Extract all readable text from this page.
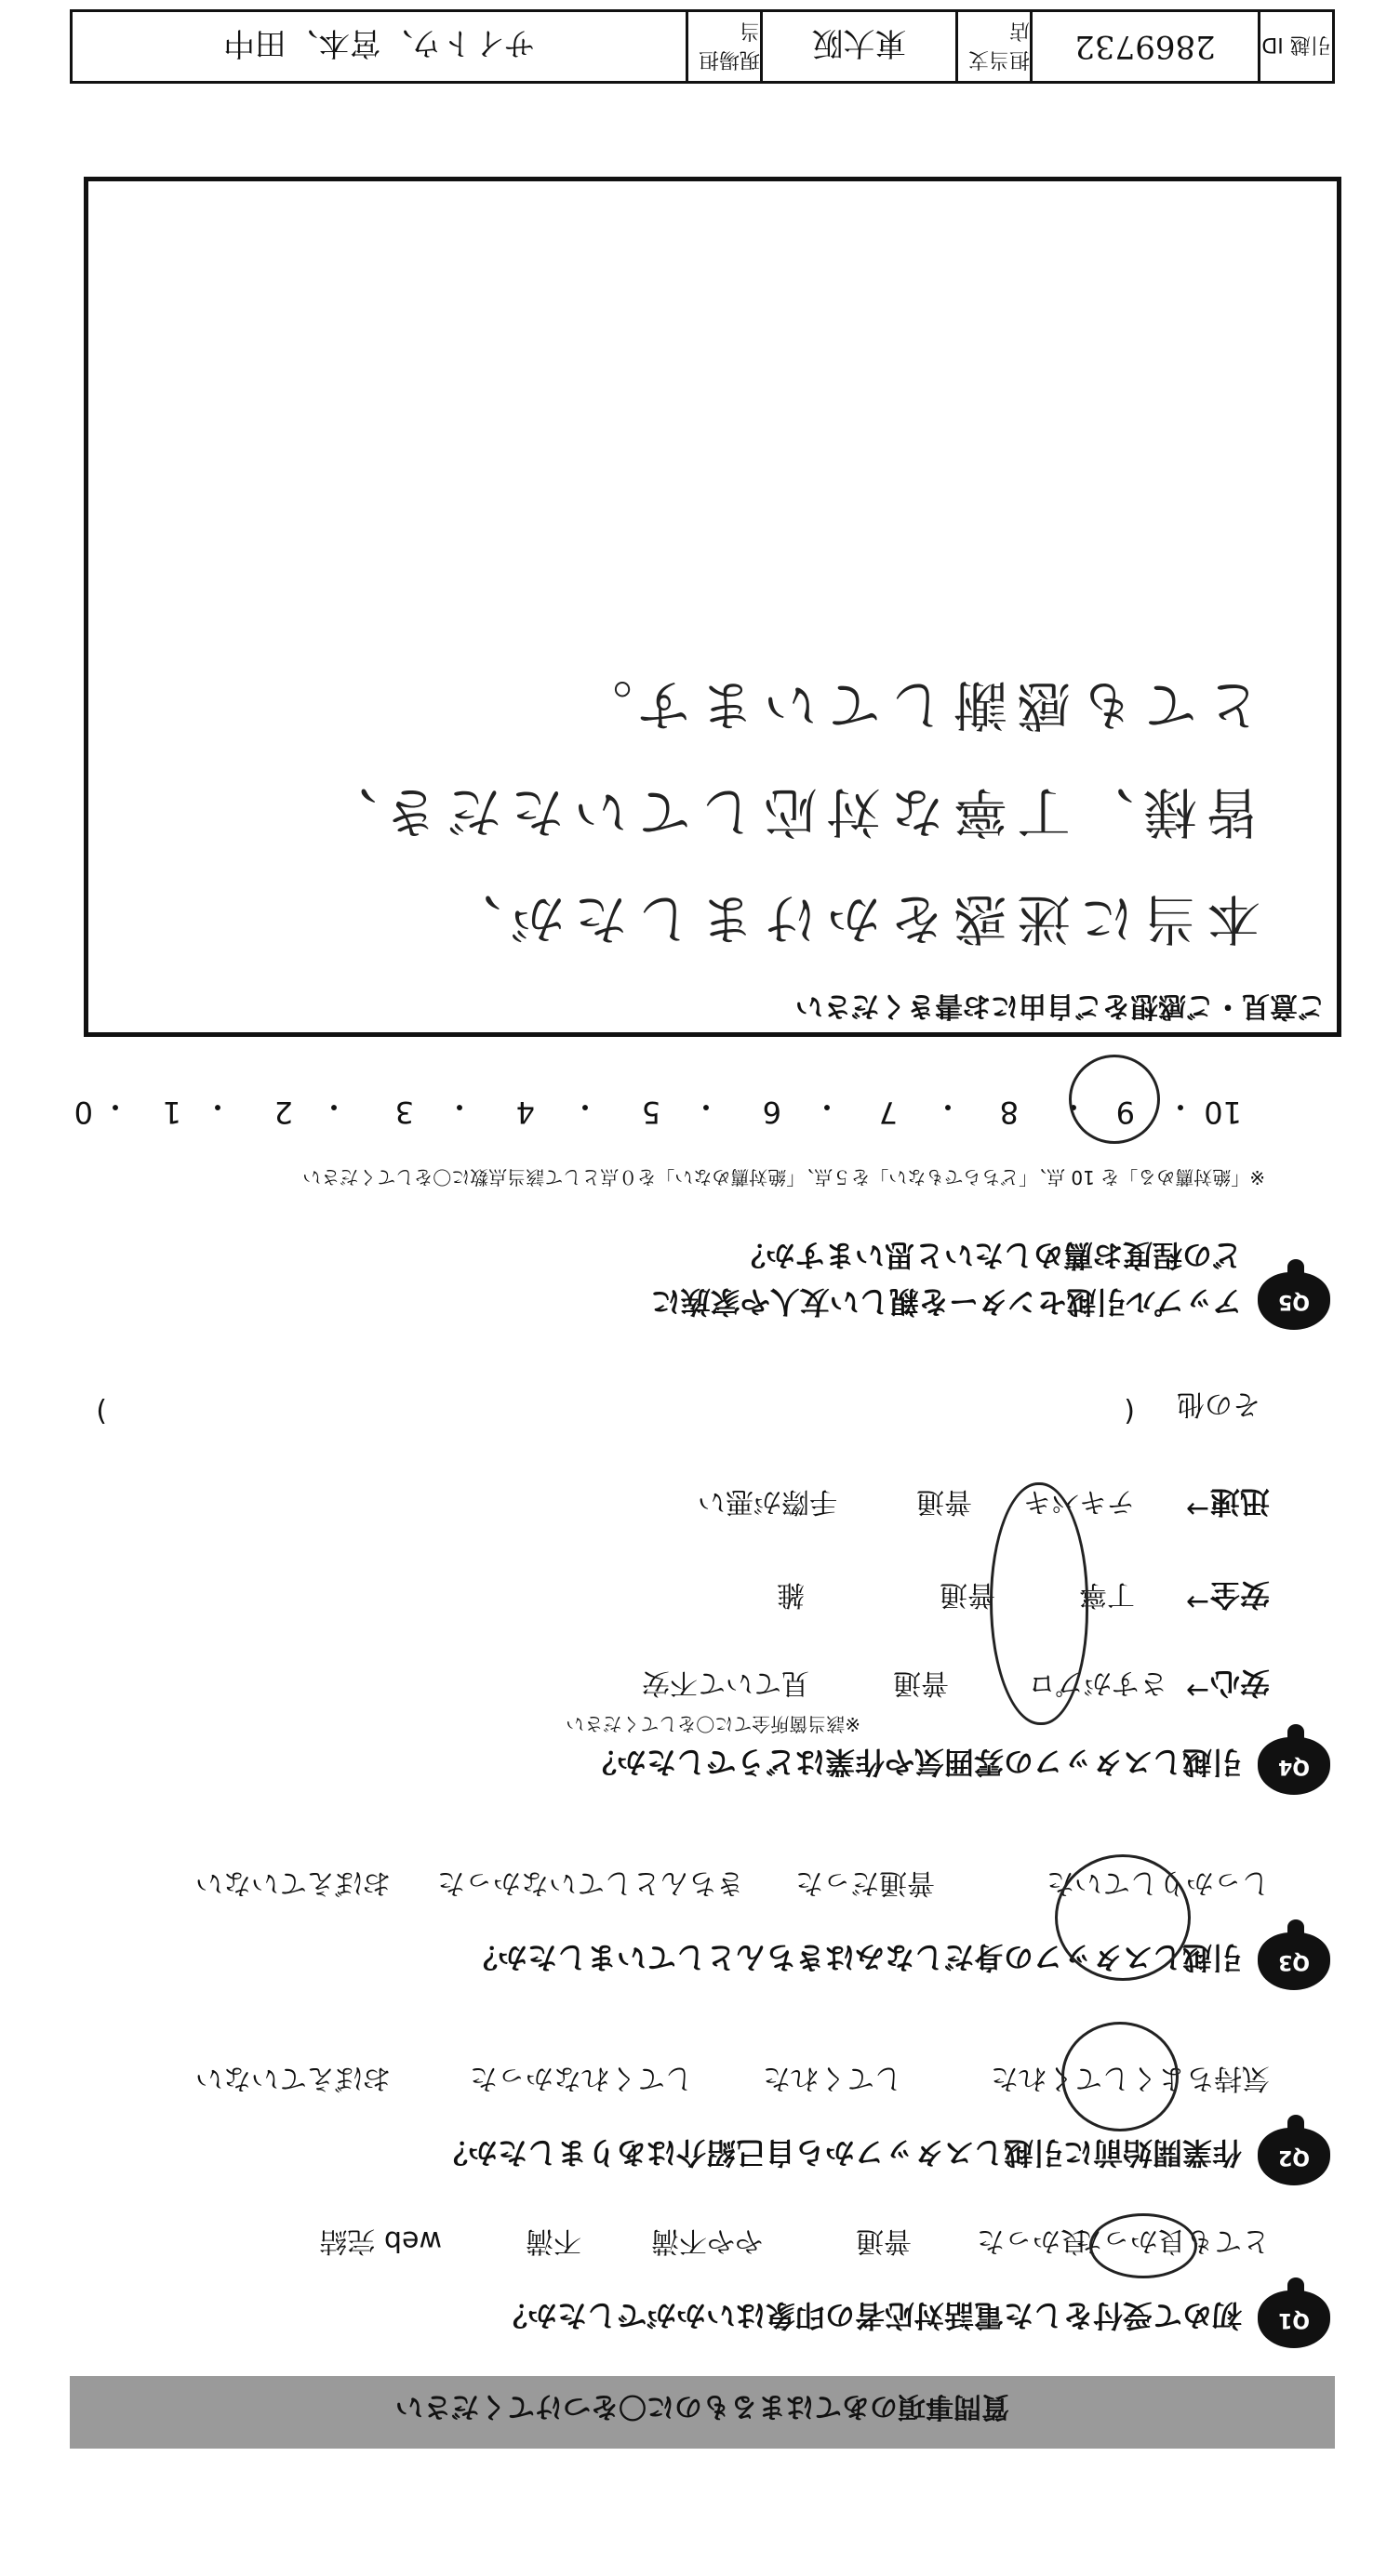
質問事項のあてはまるものに〇をつけてください
Q1
初めて受付をした電話対応者の印象はいかがでしたか？
とても良かった
良かった
普通
やや不満
不満
web 完結
Q2
作業開始前に引越しスタッフから自己紹介はありましたか？
気持ちよくしてくれた
してくれた
してくれなかった
おぼえていない
Q3
引越しスタッフの身だしなみはきちんとしていましたか？
しっかりしていた
普通だった
きちんとしていなかった
おぼえていない
Q4
引越しスタッフの雰囲気や作業はどうでしたか？
※該当箇所全てに〇をしてください
安心
→
さすがプロ
普通
見ていて不安
安全
→
丁寧
普通
雑
迅速
→
テキパキ
普通
手際が悪い
その他
(
)
Q5
アップル引越センターを親しい友人や家族に
どの程度お薦めしたいと思いますか？
※「絶対薦める」を 10 点、「どちらでもない」を５点、「絶対薦めない」を０点として該当点数に〇をしてください
10
・
9
・
8
・
7
・
6
・
5
・
4
・
3
・
2
・
1
・
0
ご意見・ご感想をご自由にお書きください
本当に迷惑をかけましたが、
皆様、丁寧な対応していただき、
とても感謝しています。
引越 ID
2869732
担当支店
東大阪
現場担当
サイトウ、宮本、田中
